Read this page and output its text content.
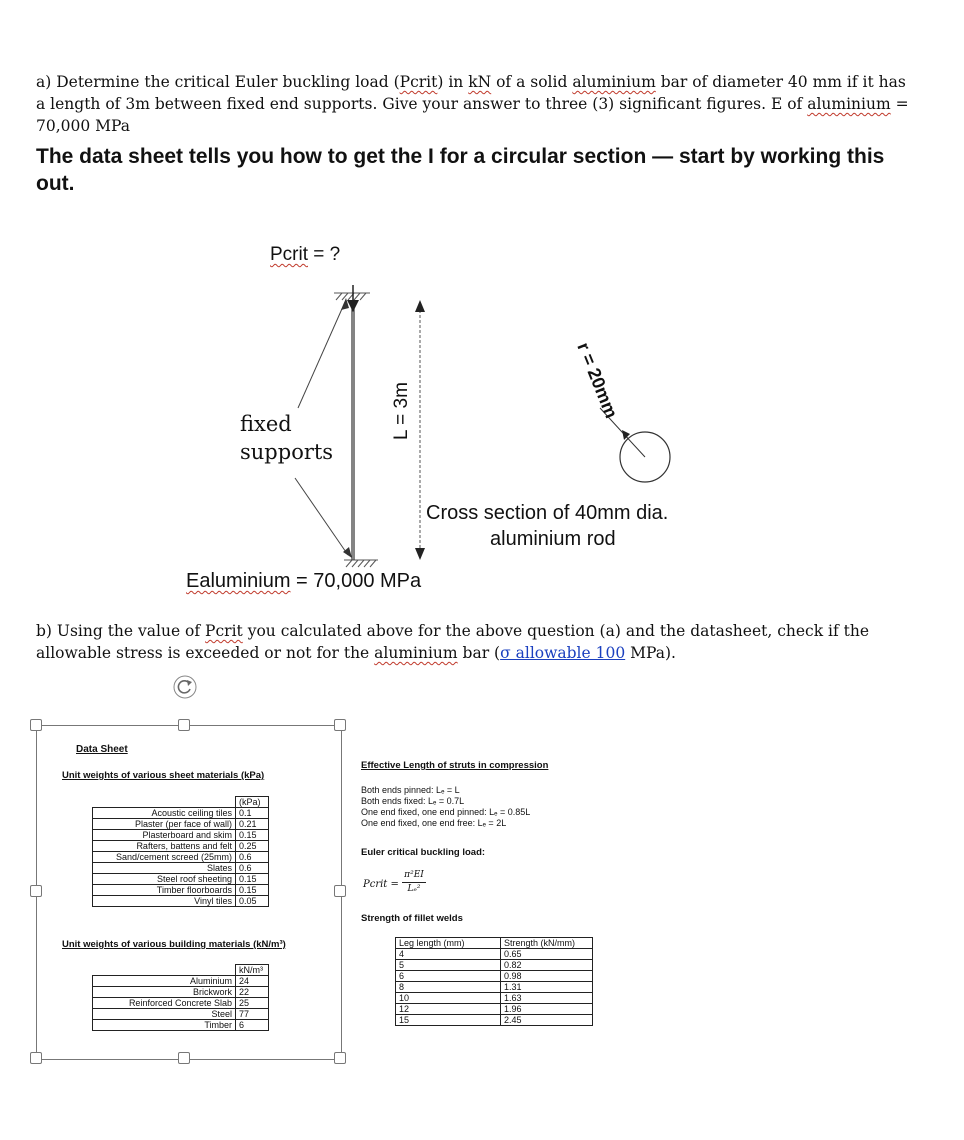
a) Determine the critical Euler buckling load (Pcrit) in kN of a solid aluminium bar of diameter 40 mm if it has a length of 3m between fixed end supports. Give your answer to three (3) significant figures. E of aluminium = 70,000 MPa
The data sheet tells you how to get the I for a circular section — start by working this out.
Pcrit = ?
fixed
supports
L = 3m	r = 20mm
Cross section of 40mm dia.
aluminium rod
Ealuminium = 70,000 MPa
b) Using the value of Pcrit you calculated above for the above question (a) and the datasheet, check if the allowable stress is exceeded or not for the aluminium bar (σ allowable 100 MPa).
Data Sheet
Unit weights of various sheet materials (kPa)
	(kPa)
Acoustic ceiling tiles	0.1
Plaster (per face of wall)	0.21
Plasterboard and skim	0.15
Rafters, battens and felt	0.25
Sand/cement screed (25mm)	0.6
Slates	0.6
Steel roof sheeting	0.15
Timber floorboards	0.15
Vinyl tiles	0.05
Unit weights of various building materials (kN/m³)
	kN/m³
Aluminium	24
Brickwork	22
Reinforced Concrete Slab	25
Steel	77
Timber	6
Effective Length of struts in compression
Both ends pinned: Lₑ = L
Both ends fixed: Lₑ = 0.7L
One end fixed, one end pinned: Lₑ = 0.85L
One end fixed, one end free: Lₑ = 2L
Euler critical buckling load:
Pcrit =
π²EI
Lₑ²
Strength of fillet welds
Leg length (mm)	Strength (kN/mm)
4	0.65
5	0.82
6	0.98
8	1.31
10	1.63
12	1.96
15	2.45
